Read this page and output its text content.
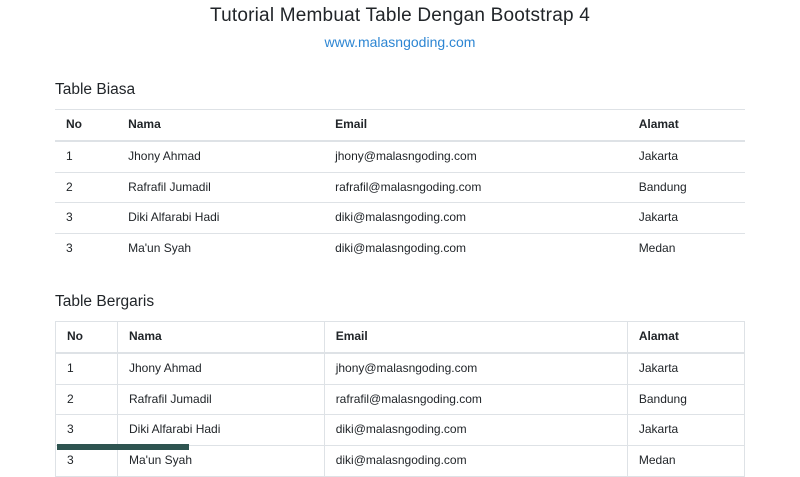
Tutorial Membuat Table Dengan Bootstrap 4
www.malasngoding.com
Table Biasa
No	Nama	Email	Alamat
1	Jhony Ahmad	jhony@malasngoding.com	Jakarta
2	Rafrafil Jumadil	rafrafil@malasngoding.com	Bandung
3	Diki Alfarabi Hadi	diki@malasngoding.com	Jakarta
3	Ma'un Syah	diki@malasngoding.com	Medan
Table Bergaris
No	Nama	Email	Alamat
1	Jhony Ahmad	jhony@malasngoding.com	Jakarta
2	Rafrafil Jumadil	rafrafil@malasngoding.com	Bandung
3	Diki Alfarabi Hadi	diki@malasngoding.com	Jakarta
3	Ma'un Syah	diki@malasngoding.com	Medan
